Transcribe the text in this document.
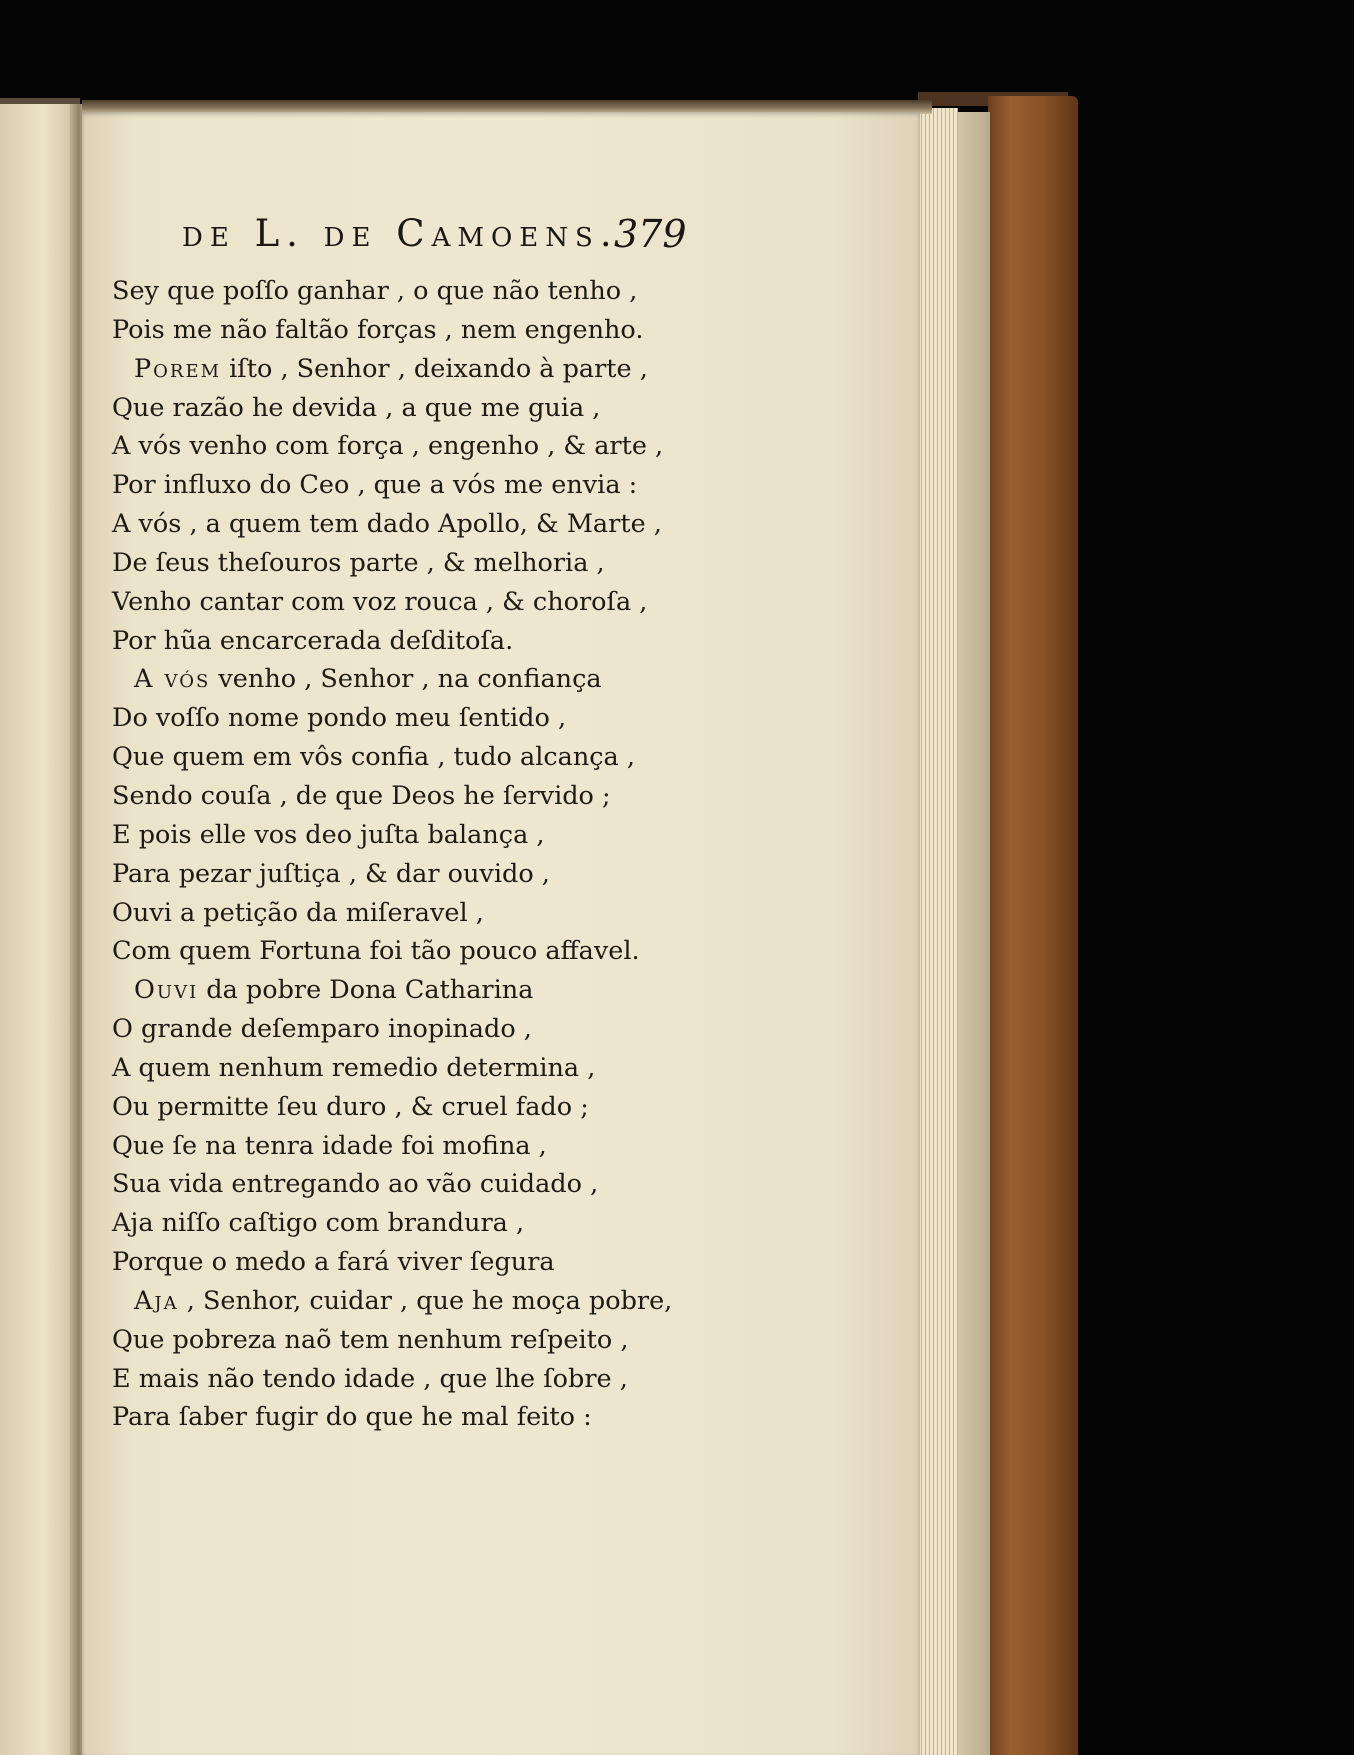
de L. de Camoens.
379
Sey que poſſo ganhar , o que não tenho ,
Pois me não faltão forças , nem engenho.
Porem iſto , Senhor , deixando à parte ,
Que razão he devida , a que me guia ,
A vós venho com força , engenho , & arte ,
Por influxo do Ceo , que a vós me envia :
A vós , a quem tem dado Apollo, & Marte ,
De ſeus theſouros parte , & melhoria ,
Venho cantar com voz rouca , & choroſa ,
Por hũa encarcerada deſditoſa.
A vós venho , Senhor , na confiança
Do voſſo nome pondo meu ſentido ,
Que quem em vôs confia , tudo alcança ,
Sendo couſa , de que Deos he ſervido ;
E pois elle vos deo juſta balança ,
Para pezar juſtiça , & dar ouvido ,
Ouvi a petição da miſeravel ,
Com quem Fortuna foi tão pouco affavel.
Ouvi da pobre Dona Catharina
O grande deſemparo inopinado ,
A quem nenhum remedio determina ,
Ou permitte ſeu duro , & cruel fado ;
Que ſe na tenra idade foi mofina ,
Sua vida entregando ao vão cuidado ,
Aja niſſo caſtigo com brandura ,
Porque o medo a fará viver ſegura
Aja , Senhor, cuidar , que he moça pobre,
Que pobreza naõ tem nenhum reſpeito ,
E mais não tendo idade , que lhe ſobre ,
Para ſaber fugir do que he mal feito :
